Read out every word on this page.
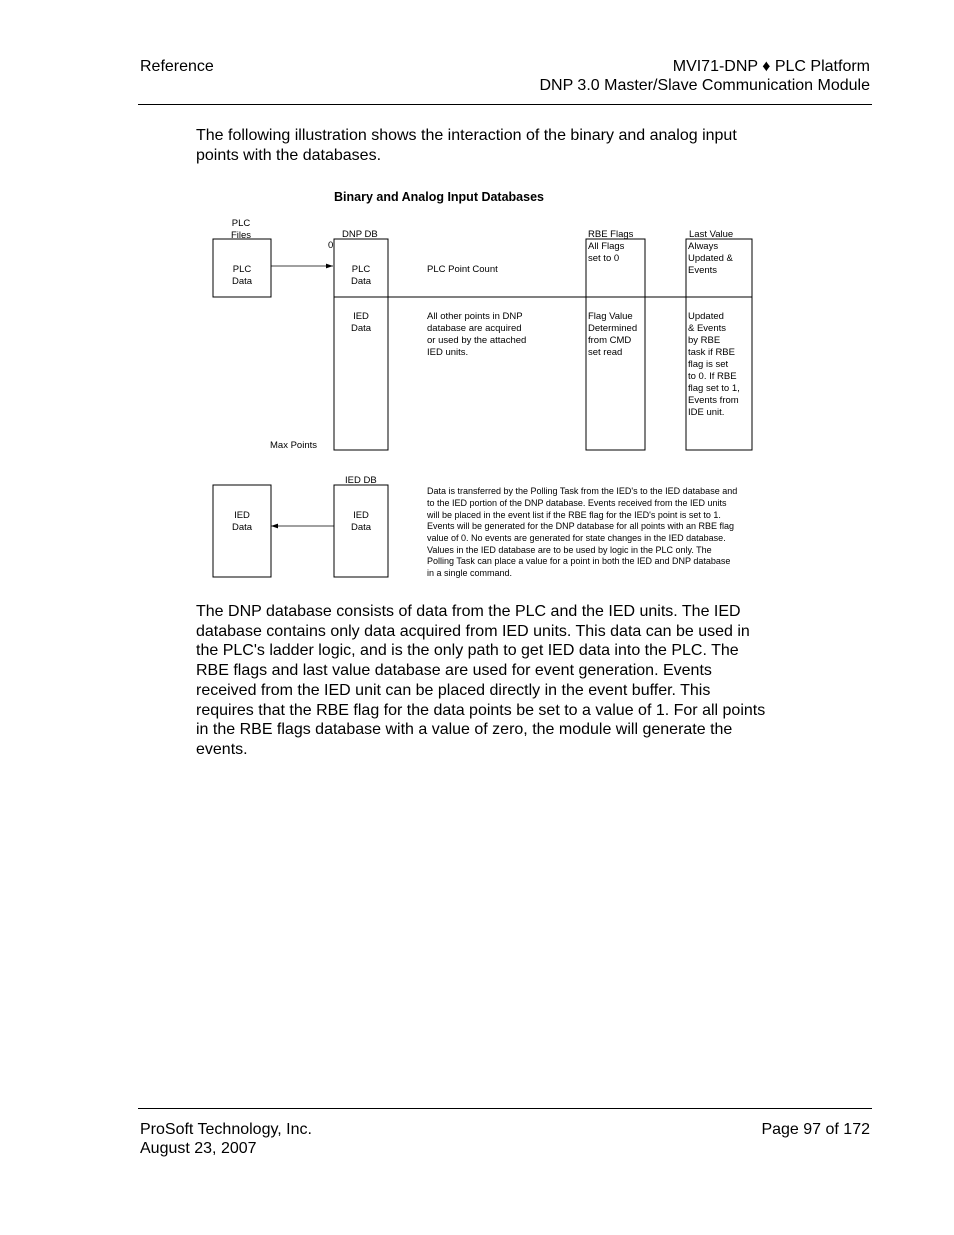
Reference	MVI71-DNP ♦ PLC Platform
DNP 3.0 Master/Slave Communication Module
The following illustration shows the interaction of the binary and analog input
points with the databases.
Binary and Analog Input Databases
PLC
Files
PLC
Data
DNP DB
0
PLC
Data
IED
Data
PLC Point Count
All other points in DNP
database are acquired
or used by the attached
IED units.
RBE Flags
All Flags
set to 0
Flag Value
Determined
from CMD
set read
Last Value
Always
Updated &
Events
Updated
& Events
by RBE
task if RBE
flag is set
to 0. If RBE
flag set to 1,
Events from
IDE unit.
Max Points
IED DB
IED
Data
IED
Data
Data is transferred by the Polling Task from the IED's to the IED database and
to the IED portion of the DNP database. Events received from the IED units
will be placed in the event list if the RBE flag for the IED's point is set to 1.
Events will be generated for the DNP database for all points with an RBE flag
value of 0. No events are generated for state changes in the IED database.
Values in the IED database are to be used by logic in the PLC only. The
Polling Task can place a value for a point in both the IED and DNP database
in a single command.
The DNP database consists of data from the PLC and the IED units. The IED
database contains only data acquired from IED units. This data can be used in
the PLC's ladder logic, and is the only path to get IED data into the PLC. The
RBE flags and last value database are used for event generation. Events
received from the IED unit can be placed directly in the event buffer. This
requires that the RBE flag for the data points be set to a value of 1. For all points
in the RBE flags database with a value of zero, the module will generate the
events.
ProSoft Technology, Inc.
August 23, 2007
Page 97 of 172
